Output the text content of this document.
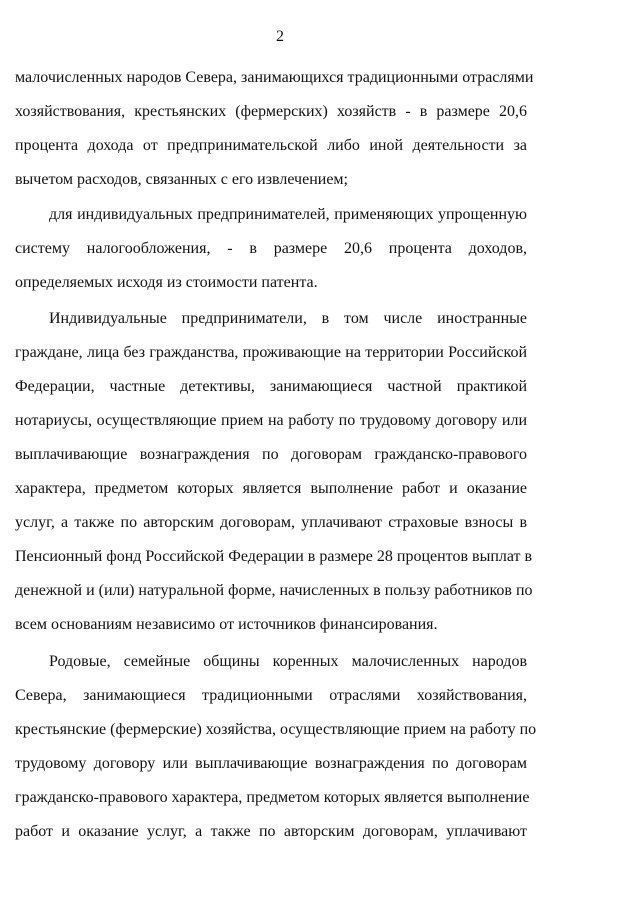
2
малочисленных народов Севера, занимающихся традиционными отраслями
хозяйствования, крестьянских (фермерских) хозяйств - в размере 20,6
процента дохода от предпринимательской либо иной деятельности за
вычетом расходов, связанных с его извлечением;
для индивидуальных предпринимателей, применяющих упрощенную
систему налогообложения, - в размере 20,6 процента доходов,
определяемых исходя из стоимости патента.
Индивидуальные предприниматели, в том числе иностранные
граждане, лица без гражданства, проживающие на территории Российской
Федерации, частные детективы, занимающиеся частной практикой
нотариусы, осуществляющие прием на работу по трудовому договору или
выплачивающие вознаграждения по договорам гражданско-правового
характера, предметом которых является выполнение работ и оказание
услуг, а также по авторским договорам, уплачивают страховые взносы в
Пенсионный фонд Российской Федерации в размере 28 процентов выплат в
денежной и (или) натуральной форме, начисленных в пользу работников по
всем основаниям независимо от источников финансирования.
Родовые, семейные общины коренных малочисленных народов
Севера, занимающиеся традиционными отраслями хозяйствования,
крестьянские (фермерские) хозяйства, осуществляющие прием на работу по
трудовому договору или выплачивающие вознаграждения по договорам
гражданско-правового характера, предметом которых является выполнение
работ и оказание услуг, а также по авторским договорам, уплачивают
